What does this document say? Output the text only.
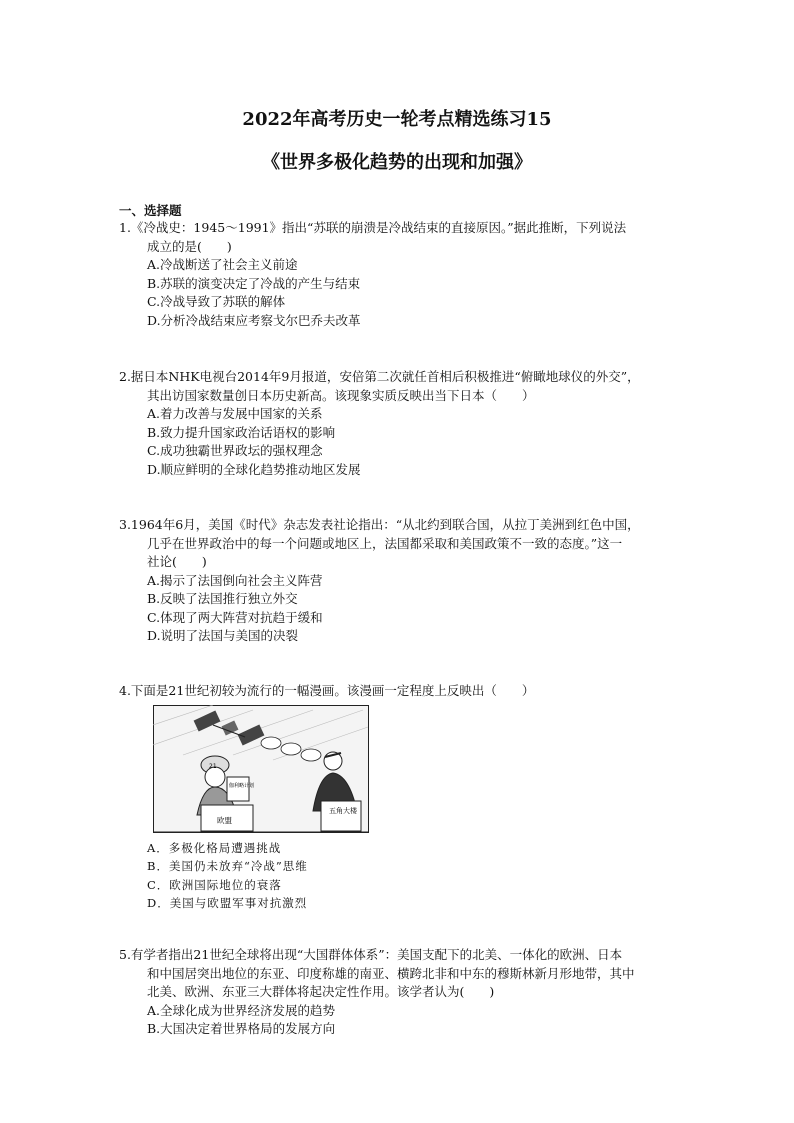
2022年高考历史一轮考点精选练习15
《世界多极化趋势的出现和加强》
一、选择题
1.《冷战史：1945～1991》指出“苏联的崩溃是冷战结束的直接原因。”据此推断，下列说法
成立的是(　　)
A.冷战断送了社会主义前途
B.苏联的演变决定了冷战的产生与结束
C.冷战导致了苏联的解体
D.分析冷战结束应考察戈尔巴乔夫改革
2.据日本NHK电视台2014年9月报道，安倍第二次就任首相后积极推进“俯瞰地球仪的外交”，
其出访国家数量创日本历史新高。该现象实质反映出当下日本（　　）
A.着力改善与发展中国家的关系
B.致力提升国家政治话语权的影响
C.成功独霸世界政坛的强权理念
D.顺应鲜明的全球化趋势推动地区发展
3.1964年6月，美国《时代》杂志发表社论指出：“从北约到联合国，从拉丁美洲到红色中国，
几乎在世界政治中的每一个问题或地区上，法国都采取和美国政策不一致的态度。”这一
社论(　　)
A.揭示了法国倒向社会主义阵营
B.反映了法国推行独立外交
C.体现了两大阵营对抗趋于缓和
D.说明了法国与美国的决裂
4.下面是21世纪初较为流行的一幅漫画。该漫画一定程度上反映出（　　）
21
伽利略计划
欧盟
五角大楼
A．多极化格局遭遇挑战
B．美国仍未放弃“冷战”思维
C．欧洲国际地位的衰落
D．美国与欧盟军事对抗激烈
5.有学者指出21世纪全球将出现“大国群体体系”：美国支配下的北美、一体化的欧洲、日本
和中国居突出地位的东亚、印度称雄的南亚、横跨北非和中东的穆斯林新月形地带，其中
北美、欧洲、东亚三大群体将起决定性作用。该学者认为(　　)
A.全球化成为世界经济发展的趋势
B.大国决定着世界格局的发展方向
